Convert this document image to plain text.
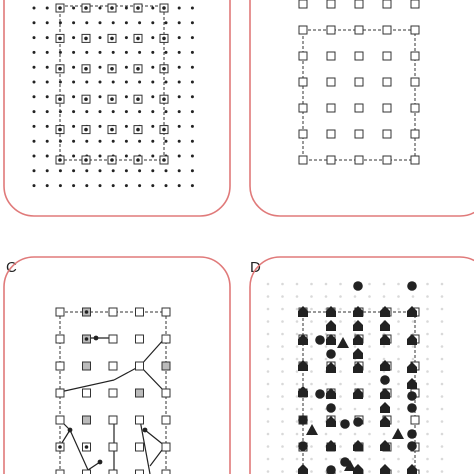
C	D
